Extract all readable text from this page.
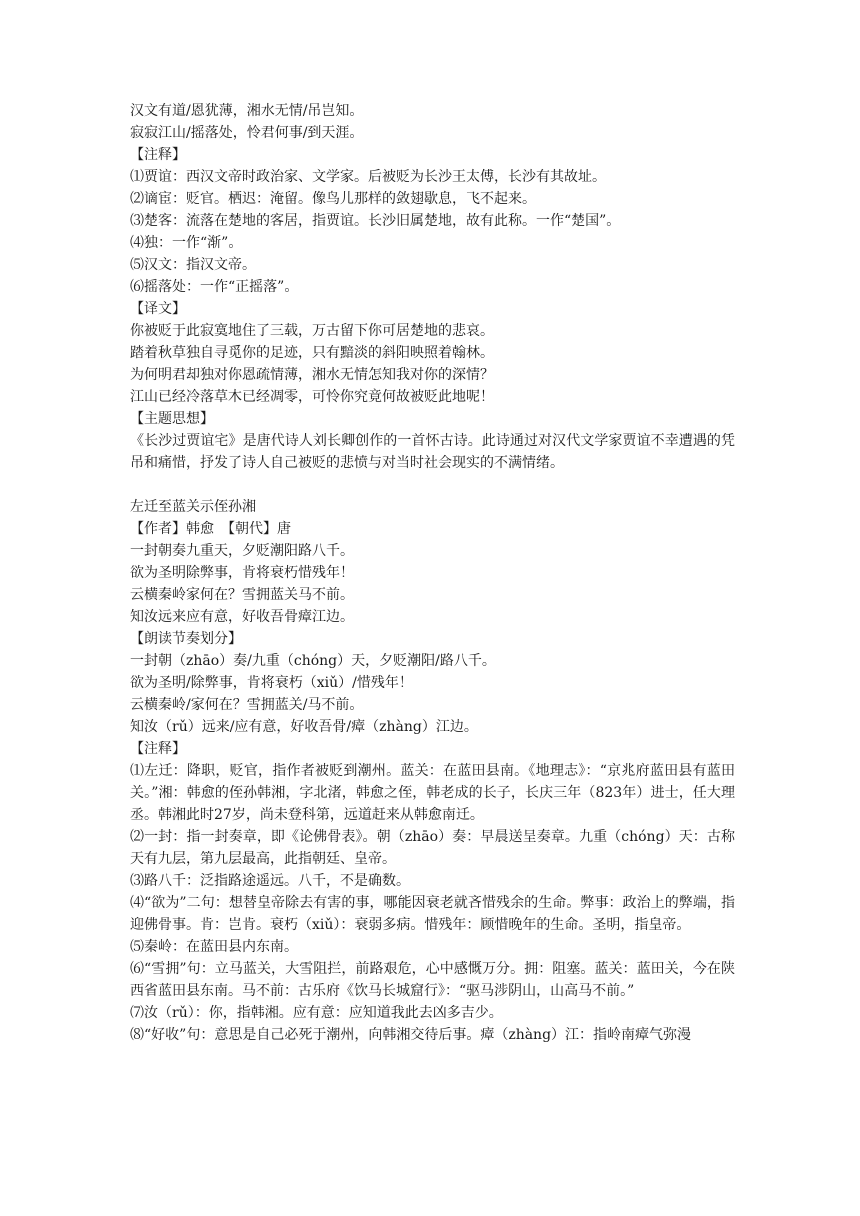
汉文有道/恩犹薄，湘水无情/吊岂知。
寂寂江山/摇落处，怜君何事/到天涯。
【注释】
⑴贾谊：西汉文帝时政治家、文学家。后被贬为长沙王太傅，长沙有其故址。
⑵谪宦：贬官。栖迟：淹留。像鸟儿那样的敛翅歇息，飞不起来。
⑶楚客：流落在楚地的客居，指贾谊。长沙旧属楚地，故有此称。一作“楚国”。
⑷独：一作“渐”。
⑸汉文：指汉文帝。
⑹摇落处：一作“正摇落”。
【译文】
你被贬于此寂寞地住了三载，万古留下你可居楚地的悲哀。
踏着秋草独自寻觅你的足迹，只有黯淡的斜阳映照着翰林。
为何明君却独对你恩疏情薄，湘水无情怎知我对你的深情？
江山已经冷落草木已经凋零，可怜你究竟何故被贬此地呢！
【主题思想】
《长沙过贾谊宅》是唐代诗人刘长卿创作的一首怀古诗。此诗通过对汉代文学家贾谊不幸遭遇的凭吊和痛惜，抒发了诗人自己被贬的悲愤与对当时社会现实的不满情绪。
左迁至蓝关示侄孙湘
【作者】韩愈　【朝代】唐
一封朝奏九重天，夕贬潮阳路八千。
欲为圣明除弊事，肯将衰朽惜残年！
云横秦岭家何在？雪拥蓝关马不前。
知汝远来应有意，好收吾骨瘴江边。
【朗读节奏划分】
一封朝（zhāo）奏/九重（chóng）天，夕贬潮阳/路八千。
欲为圣明/除弊事，肯将衰朽（xiǔ）/惜残年！
云横秦岭/家何在？雪拥蓝关/马不前。
知汝（rǔ）远来/应有意，好收吾骨/瘴（zhàng）江边。
【注释】
⑴左迁：降职，贬官，指作者被贬到潮州。蓝关：在蓝田县南。《地理志》：“京兆府蓝田县有蓝田关。”湘：韩愈的侄孙韩湘，字北渚，韩愈之侄，韩老成的长子，长庆三年（823年）进士，任大理丞。韩湘此时27岁，尚未登科第，远道赶来从韩愈南迁。
⑵一封：指一封奏章，即《论佛骨表》。朝（zhāo）奏：早晨送呈奏章。九重（chóng）天：古称天有九层，第九层最高，此指朝廷、皇帝。
⑶路八千：泛指路途遥远。八千，不是确数。
⑷“欲为”二句：想替皇帝除去有害的事，哪能因衰老就吝惜残余的生命。弊事：政治上的弊端，指迎佛骨事。肯：岂肯。衰朽（xiǔ）：衰弱多病。惜残年：顾惜晚年的生命。圣明，指皇帝。
⑸秦岭：在蓝田县内东南。
⑹“雪拥”句：立马蓝关，大雪阻拦，前路艰危，心中感慨万分。拥：阻塞。蓝关：蓝田关，今在陕西省蓝田县东南。马不前：古乐府《饮马长城窟行》：“驱马涉阴山，山高马不前。”
⑺汝（rǔ）：你，指韩湘。应有意：应知道我此去凶多吉少。
⑻“好收”句：意思是自己必死于潮州，向韩湘交待后事。瘴（zhàng）江：指岭南瘴气弥漫
